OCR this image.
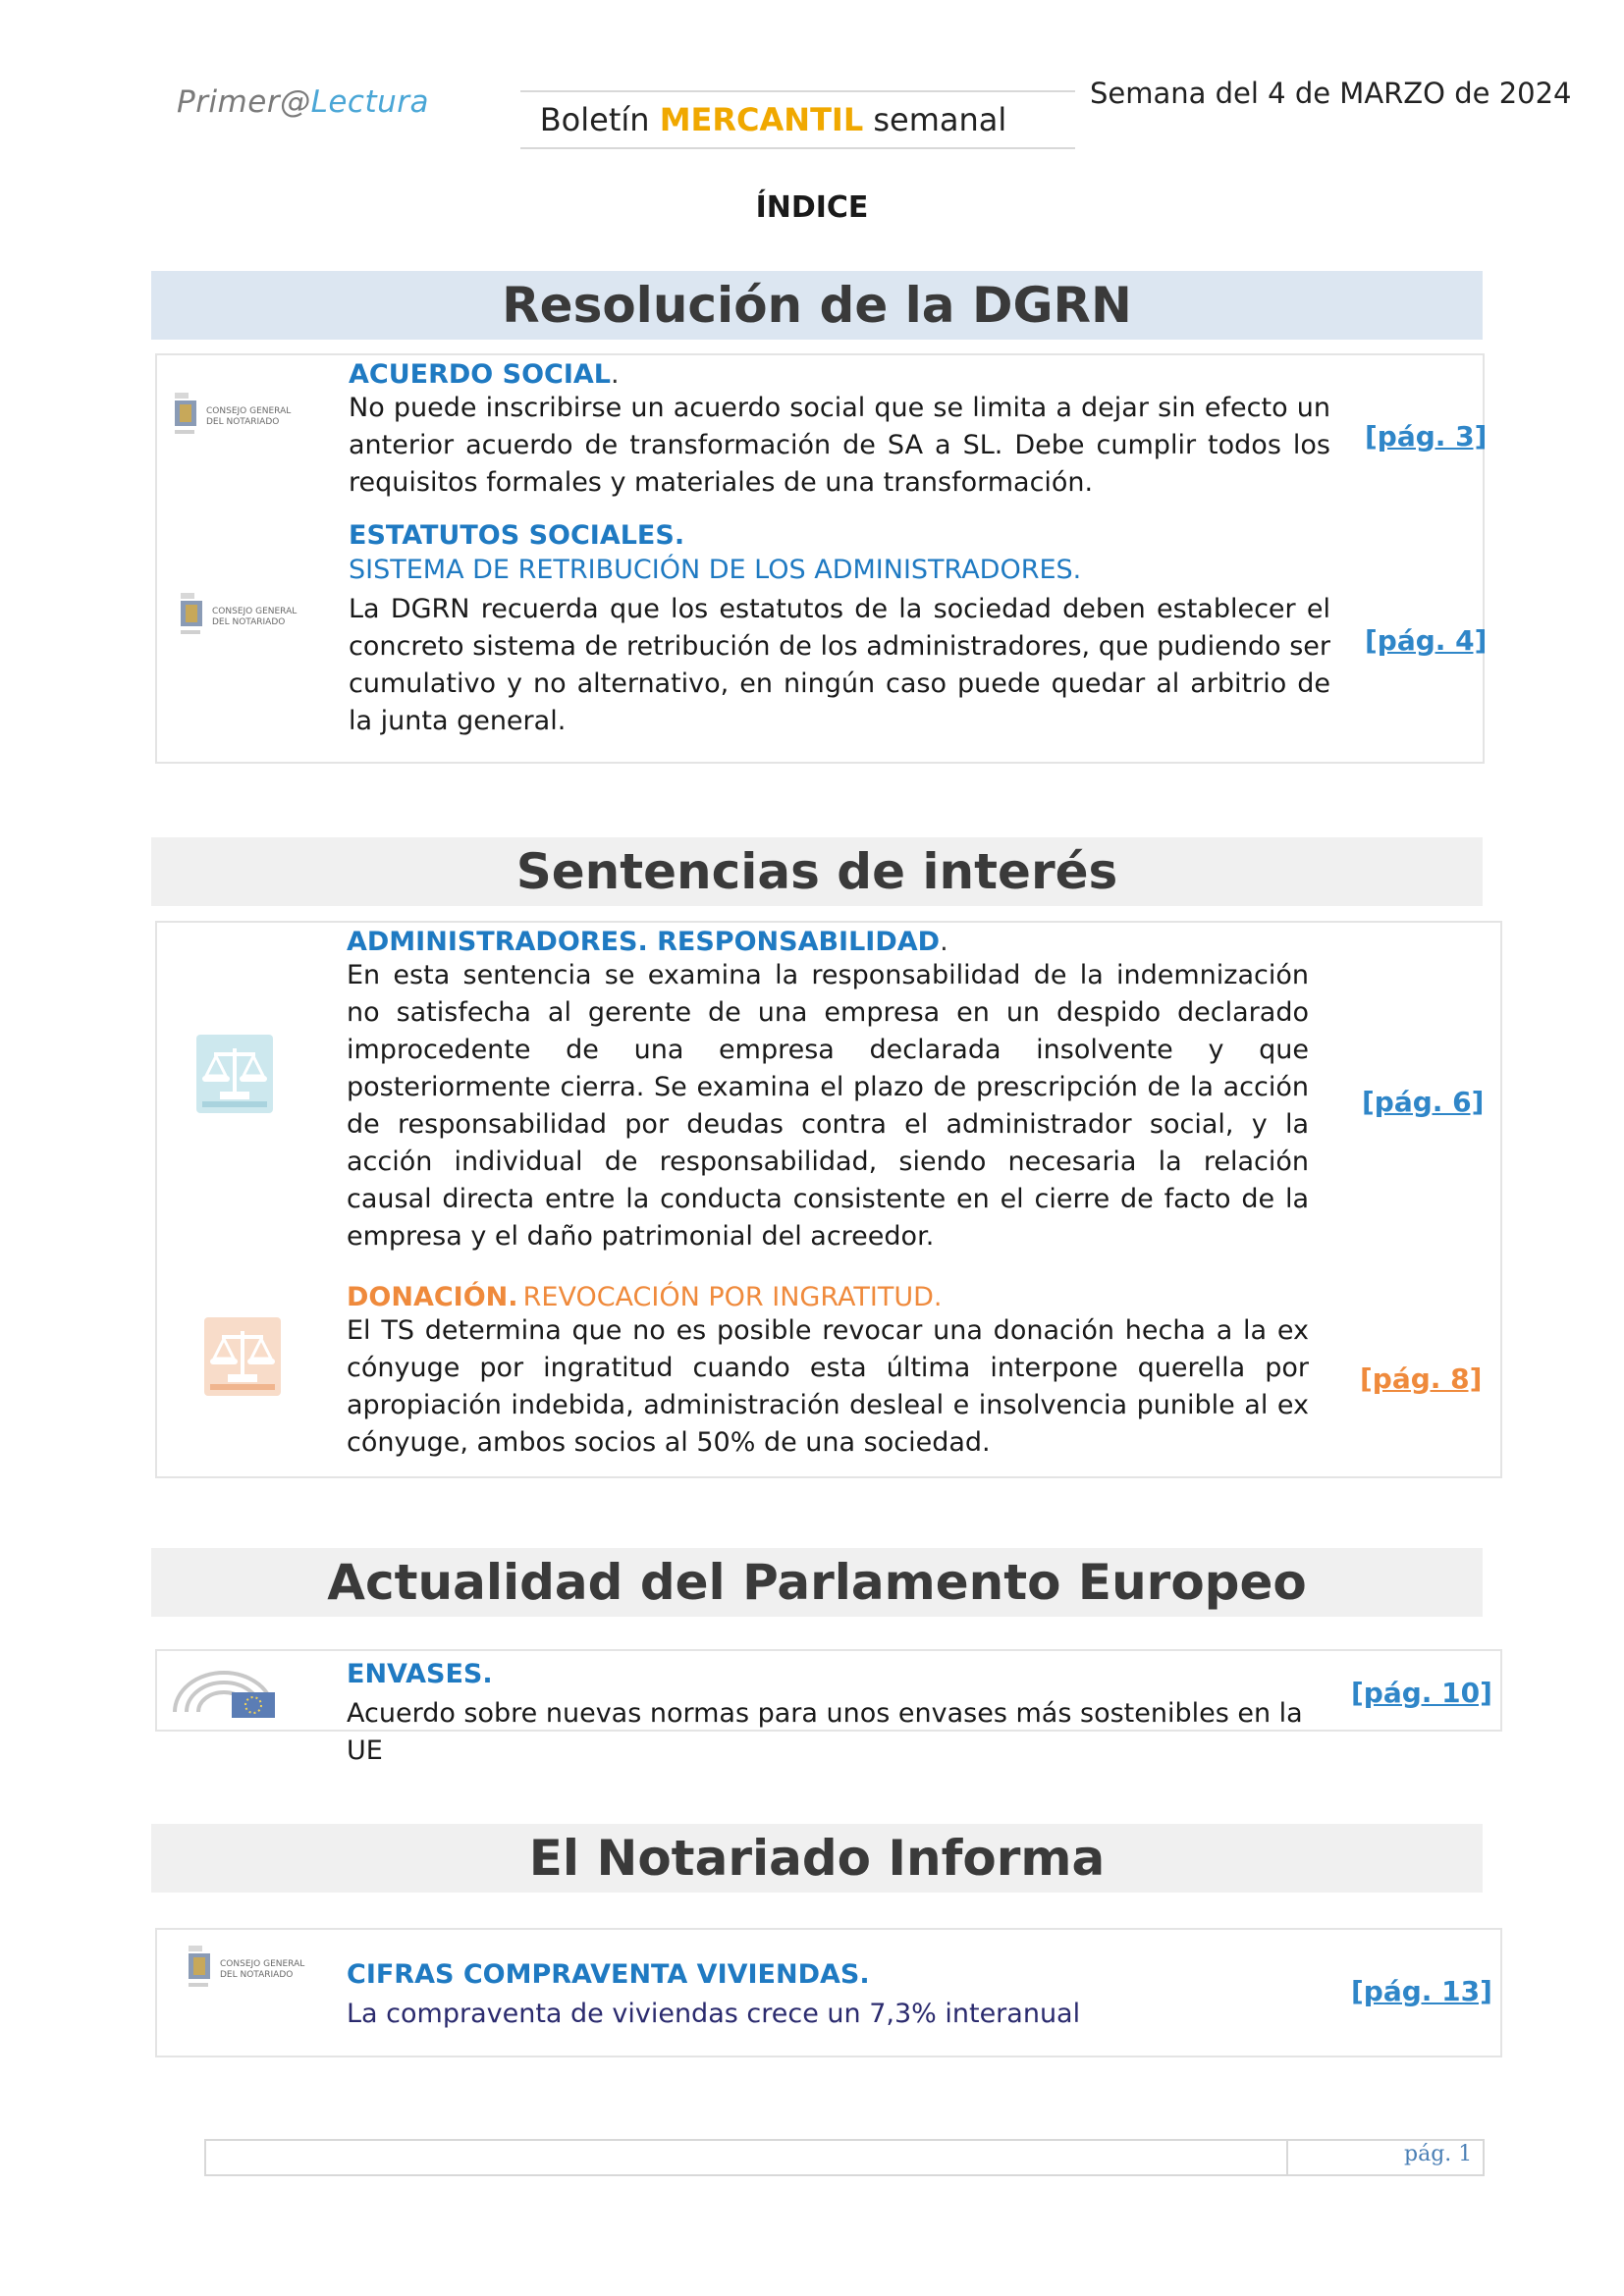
Primer@Lectura	Boletín MERCANTIL semanal
Semana del 4 de MARZO de 2024
ÍNDICE
Resolución de la DGRN
CONSEJO GENERAL
DEL NOTARIADO
ACUERDO SOCIAL.
No puede inscribirse un acuerdo social que se limita a dejar sin efecto un anterior acuerdo de transformación de SA a SL. Debe cumplir todos los requisitos formales y materiales de una transformación.
[pág. 3]
CONSEJO GENERAL
DEL NOTARIADO
ESTATUTOS SOCIALES.
SISTEMA DE RETRIBUCIÓN DE LOS ADMINISTRADORES.
La DGRN recuerda que los estatutos de la sociedad deben establecer el concreto sistema de retribución de los administradores, que pudiendo ser cumulativo y no alternativo, en ningún caso puede quedar al arbitrio de la junta general.
[pág. 4]
Sentencias de interés
ADMINISTRADORES. RESPONSABILIDAD.
En esta sentencia se examina la responsabilidad de la indemnización no satisfecha al gerente de una empresa en un despido declarado improcedente de una empresa declarada insolvente y que posteriormente cierra. Se examina el plazo de prescripción de la acción de responsabilidad por deudas contra el administrador social, y la acción individual de responsabilidad, siendo necesaria la relación causal directa entre la conducta consistente en el cierre de facto de la empresa y el daño patrimonial del acreedor.
[pág. 6]
DONACIÓN. REVOCACIÓN POR INGRATITUD.
El TS determina que no es posible revocar una donación hecha a la ex cónyuge por ingratitud cuando esta última interpone querella por apropiación indebida, administración desleal e insolvencia punible al ex cónyuge, ambos socios al 50% de una sociedad.
[pág. 8]
Actualidad del Parlamento Europeo
ENVASES.
Acuerdo sobre nuevas normas para unos envases más sostenibles en la UE
[pág. 10]
El Notariado Informa
CONSEJO GENERAL
DEL NOTARIADO CIFRAS COMPRAVENTA VIVIENDAS.
La compraventa de viviendas crece un 7,3% interanual
[pág. 13]
pág. 1
